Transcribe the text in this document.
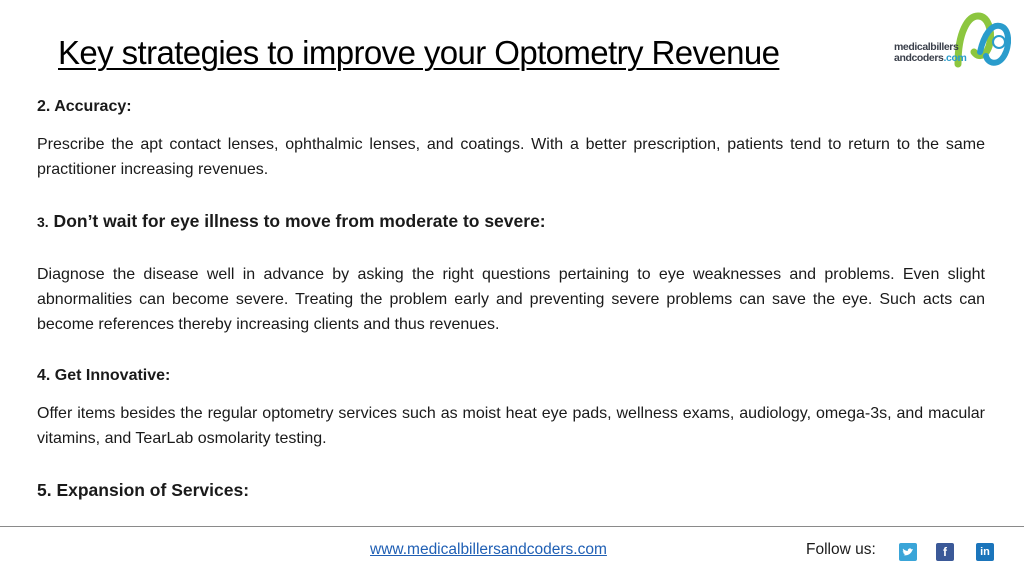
Key strategies to improve your Optometry Revenue	medicalbillers
andcoders.com

2. Accuracy:

Prescribe the apt contact lenses, ophthalmic lenses, and coatings. With a better prescription, patients tend to return to the same practitioner increasing revenues.

3. Don’t wait for eye illness to move from moderate to severe:

Diagnose the disease well in advance by asking the right questions pertaining to eye weaknesses and problems. Even slight abnormalities can become severe. Treating the problem early and preventing severe problems can save the eye. Such acts can become references thereby increasing clients and thus revenues.

4. Get Innovative:

Offer items besides the regular optometry services such as moist heat eye pads, wellness exams, audiology, omega-3s, and macular vitamins, and TearLab osmolarity testing.

5. Expansion of Services:

www.medicalbillersandcoders.com	Follow us:	f	in
